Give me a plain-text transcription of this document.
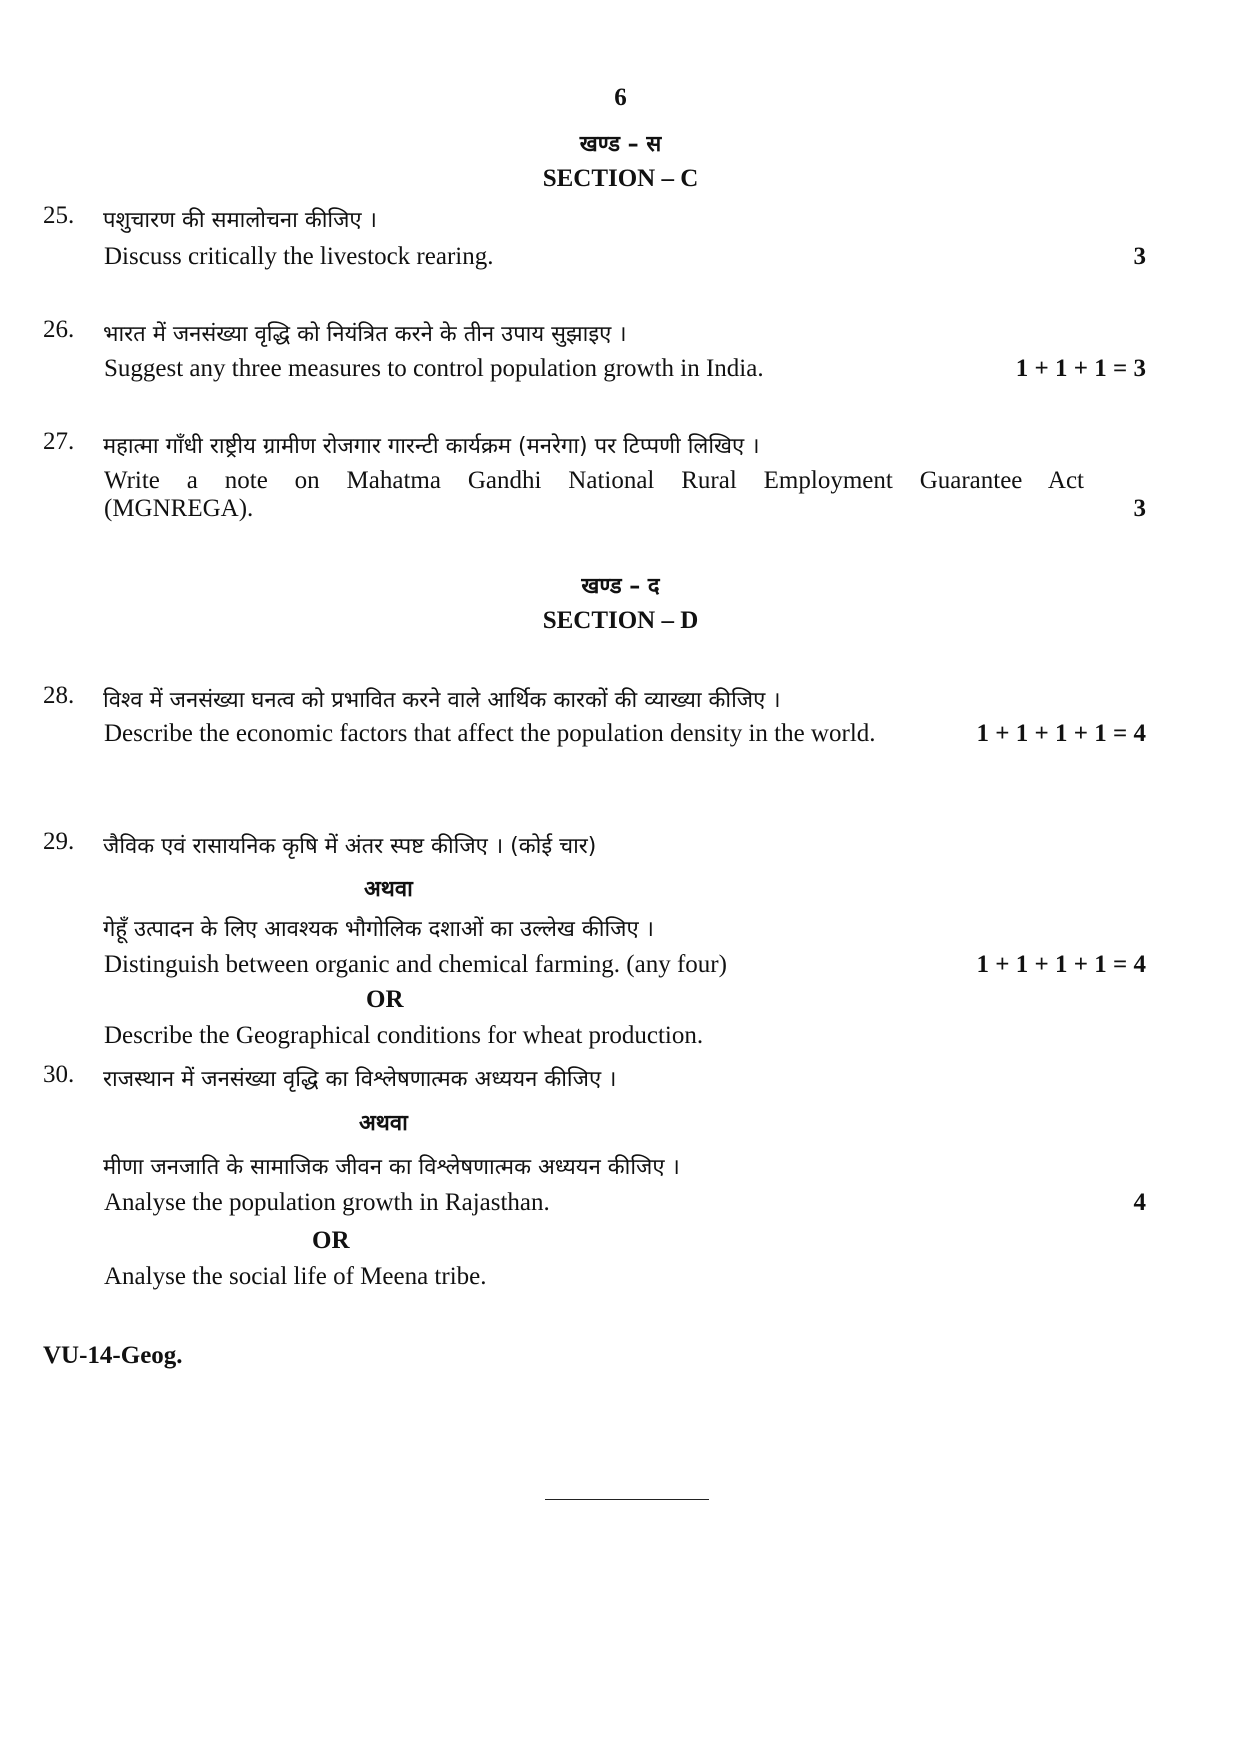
6
खण्ड – स
SECTION – C
25. पशुचारण की समालोचना कीजिए ।
Discuss critically the livestock rearing.	3
26. भारत में जनसंख्या वृद्धि को नियंत्रित करने के तीन उपाय सुझाइए ।
Suggest any three measures to control population growth in India.	1 + 1 + 1 = 3
27. महात्मा गाँधी राष्ट्रीय ग्रामीण रोजगार गारन्टी कार्यक्रम (मनरेगा) पर टिप्पणी लिखिए ।
Write a note on Mahatma Gandhi National Rural Employment Guarantee Act
(MGNREGA).	3
खण्ड – द
SECTION – D
28. विश्व में जनसंख्या घनत्व को प्रभावित करने वाले आर्थिक कारकों की व्याख्या कीजिए ।
Describe the economic factors that affect the population density in the world.	1 + 1 + 1 + 1 = 4
29. जैविक एवं रासायनिक कृषि में अंतर स्पष्ट कीजिए । (कोई चार)
अथवा
गेहूँ उत्पादन के लिए आवश्यक भौगोलिक दशाओं का उल्लेख कीजिए ।
Distinguish between organic and chemical farming. (any four)	1 + 1 + 1 + 1 = 4
OR
Describe the Geographical conditions for wheat production.
30. राजस्थान में जनसंख्या वृद्धि का विश्लेषणात्मक अध्ययन कीजिए ।
अथवा
मीणा जनजाति के सामाजिक जीवन का विश्लेषणात्मक अध्ययन कीजिए ।
Analyse the population growth in Rajasthan.	4
OR
Analyse the social life of Meena tribe.
VU-14-Geog.
